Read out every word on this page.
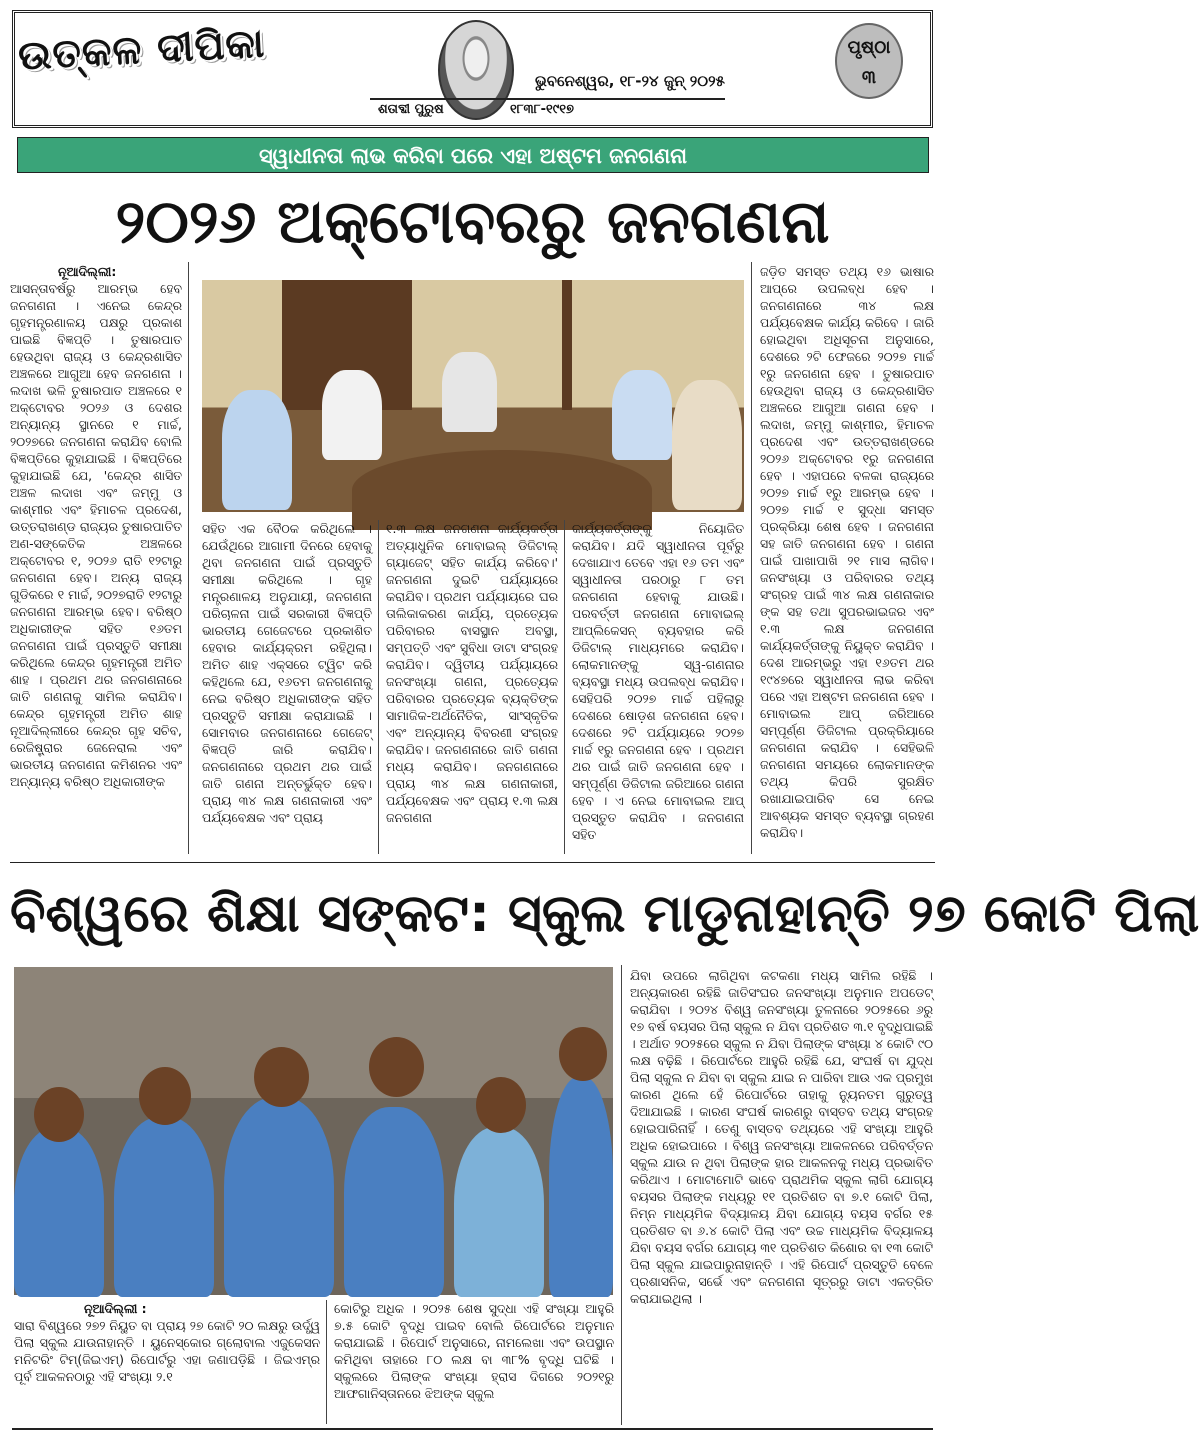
ଉତ୍କଳ ଦୀପିକା
ଭୁବନେଶ୍ୱର, ୧୮-୨୪ ଜୁନ୍ ୨୦୨୫
ଶତାବ୍ଦୀ ପୁରୁଷ	୧୮୩୮-୧୯୧୭
ପୃଷ୍ଠା
୩
ସ୍ୱାଧୀନତା ଲାଭ କରିବା ପରେ ଏହା ଅଷ୍ଟମ ଜନଗଣନା
୨୦୨୬ ଅକ୍ଟୋବରରୁ ଜନଗଣନା
ନୂଆଦିଲ୍ଲୀ:
ଆସନ୍ତାବର୍ଷରୁ ଆରମ୍ଭ ହେବ ଜନଗଣନା । ଏନେଇ କେନ୍ଦ୍ର ଗୃହମନ୍ତ୍ରଣାଳୟ ପକ୍ଷରୁ ପ୍ରକାଶ ପାଇଛି ବିଜ୍ଞପ୍ତି । ତୁଷାରପାତ ହେଉଥିବା ରାଜ୍ୟ ଓ କେନ୍ଦ୍ରଶାସିତ ଅଞ୍ଚଳରେ ଆଗୁଆ ହେବ ଜନଗଣନା । ଲଦାଖ ଭଳି ତୁଷାରପାତ ଅଞ୍ଚଳରେ ୧ ଅକ୍ଟୋବର ୨୦୨୬ ଓ ଦେଶର ଅନ୍ୟାନ୍ୟ ସ୍ଥାନରେ ୧ ମାର୍ଚ୍ଚ, ୨୦୨୭ରେ ଜନଗଣନା କରାଯିବ ବୋଲି ବିଜ୍ଞପ୍ତିରେ କୁହାଯାଇଛି । ବିଜ୍ଞପ୍ତିରେ କୁହାଯାଇଛି ଯେ, 'କେନ୍ଦ୍ର ଶାସିତ ଅଞ୍ଚଳ ଲଦାଖ ଏବଂ ଜମ୍ମୁ ଓ କାଶ୍ମୀର ଏବଂ ହିମାଚଳ ପ୍ରଦେଶ, ଉତ୍ତରାଖଣ୍ଡ ରାଜ୍ୟର ତୁଷାରପାତିତ ଅଣ-ସଙ୍କେତିକ ଅଞ୍ଚଳରେ ଅକ୍ଟୋବର ୧, ୨୦୨୬ ରାତି ୧୨ଟାରୁ ଜନଗଣନା ହେବ। ଅନ୍ୟ ରାଜ୍ୟ ଗୁଡିକରେ ୧ ମାର୍ଚ୍ଚ, ୨୦୨୭ରାତି ୧୨ଟାରୁ ଜନଗଣନା ଆରମ୍ଭ ହେବ। ବରିଷ୍ଠ ଅଧିକାରୀଙ୍କ ସହିତ ୧୬ତମ ଜନଗଣନା ପାଇଁ ପ୍ରସ୍ତୁତି ସମୀକ୍ଷା କରିଥିଲେ କେନ୍ଦ୍ର ଗୃହମନ୍ତ୍ରୀ ଅମିତ ଶାହ । ପ୍ରଥମ ଥର ଜନଗଣନାରେ ଜାତି ଗଣନାକୁ ସାମିଲ କରାଯିବ। କେନ୍ଦ୍ର ଗୃହମନ୍ତ୍ରୀ ଅମିତ ଶାହ ନୂଆଦିଲ୍ଲୀରେ କେନ୍ଦ୍ର ଗୃହ ସଚିବ, ରେଜିଷ୍ଟ୍ରାର ଜେନେରାଲ ଏବଂ ଭାରତୀୟ ଜନଗଣନା କମିଶନର ଏବଂ ଅନ୍ୟାନ୍ୟ ବରିଷ୍ଠ ଅଧିକାରୀଙ୍କ
ସହିତ ଏକ ବୈଠକ କରିଥିଲେ । ଯେଉଁଥିରେ ଆଗାମୀ ଦିନରେ ହେବାକୁ ଥିବା ଜନଗଣନା ପାଇଁ ପ୍ରସ୍ତୁତି ସମୀକ୍ଷା କରିଥିଲେ । ଗୃହ ମନ୍ତ୍ରଣାଳୟ ଅନୁଯାୟୀ, ଜନଗଣନା ପରିଚାଳନା ପାଇଁ ସରକାରୀ ବିଜ୍ଞପ୍ତି ଭାରତୀୟ ଗେଜେଟରେ ପ୍ରକାଶିତ ହେବାର କାର୍ଯ୍ୟକ୍ରମ ରହିଥିଲା। ଅମିତ ଶାହ ଏକ୍ସରେ ଟ୍ୱିଟ କରି କହିଥିଲେ ଯେ, ୧୬ତମ ଜନଗଣନାକୁ ନେଇ ବରିଷ୍ଠ ଅଧିକାରୀଙ୍କ ସହିତ ପ୍ରସ୍ତୁତି ସମୀକ୍ଷା କରାଯାଇଛି । ସୋମବାର ଜନଗଣନାରେ ଗେଜେଟ୍ ବିଜ୍ଞପ୍ତି ଜାରି କରାଯିବ। ଜନଗଣନାରେ ପ୍ରଥମ ଥର ପାଇଁ ଜାତି ଗଣନା ଅନ୍ତର୍ଭୁକ୍ତ ହେବ। ପ୍ରାୟ ୩୪ ଲକ୍ଷ ଗଣନାକାରୀ ଏବଂ ପର୍ଯ୍ୟବେକ୍ଷକ ଏବଂ ପ୍ରାୟ
୧.୩ ଲକ୍ଷ ଜନଗଣନା କାର୍ଯ୍ୟକର୍ତ୍ତା ଅତ୍ୟାଧୁନିକ ମୋବାଇଲ୍ ଡିଜିଟାଲ୍ ଗ୍ୟାଜେଟ୍ ସହିତ କାର୍ଯ୍ୟ କରିବେ।' ଜନଗଣନା ଦୁଇଟି ପର୍ଯ୍ୟାୟରେ କରାଯିବ। ପ୍ରଥମ ପର୍ଯ୍ୟାୟରେ ଘର ତାଲିକାକରଣ କାର୍ଯ୍ୟ, ପ୍ରତ୍ୟେକ ପରିବାରର ବାସସ୍ଥାନ ଅବସ୍ଥା, ସମ୍ପତ୍ତି ଏବଂ ସୁବିଧା ଡାଟା ସଂଗ୍ରହ କରାଯିବ। ଦ୍ୱିତୀୟ ପର୍ଯ୍ୟାୟରେ ଜନସଂଖ୍ୟା ଗଣନା, ପ୍ରତ୍ୟେକ ପରିବାରର ପ୍ରତ୍ୟେକ ବ୍ୟକ୍ତିଙ୍କ ସାମାଜିକ-ଅର୍ଥନୈତିକ, ସାଂସ୍କୃତିକ ଏବଂ ଅନ୍ୟାନ୍ୟ ବିବରଣୀ ସଂଗ୍ରହ କରାଯିବ। ଜନଗଣନାରେ ଜାତି ଗଣନା ମଧ୍ୟ କରାଯିବ। ଜନଗଣନାରେ ପ୍ରାୟ ୩୪ ଲକ୍ଷ ଗଣନାକାରୀ, ପର୍ଯ୍ୟବେକ୍ଷକ ଏବଂ ପ୍ରାୟ ୧.୩ ଲକ୍ଷ ଜନଗଣନା
କାର୍ଯ୍ୟକର୍ତ୍ତାଙ୍କୁ ନିୟୋଜିତ କରାଯିବ। ଯଦି ସ୍ୱାଧୀନତା ପୂର୍ବରୁ ଦେଖାଯାଏ ତେବେ ଏହା ୧୬ ତମ ଏବଂ ସ୍ୱାଧୀନତା ପରଠାରୁ ୮ ତମ ଜନଗଣନା ହେବାକୁ ଯାଉଛି। ପରବର୍ତ୍ତୀ ଜନଗଣନା ମୋବାଇଲ୍ ଆପ୍ଲିକେସନ୍ ବ୍ୟବହାର କରି ଡିଜିଟାଲ୍ ମାଧ୍ୟମରେ କରାଯିବ। ଲୋକମାନଙ୍କୁ ସ୍ୱ-ଗଣନାର ବ୍ୟବସ୍ଥା ମଧ୍ୟ ଉପଲବ୍ଧ କରାଯିବ। ସେହିପରି ୨୦୨୭ ମାର୍ଚ୍ଚ ପହିଲାରୁ ଦେଶରେ ଷୋଡ଼ଶ ଜନଗଣନା ହେବ। ଦେଶରେ ୨ଟି ପର୍ଯ୍ୟାୟରେ ୨୦୨୭ ମାର୍ଚ୍ଚ ୧ରୁ ଜନଗଣନା ହେବ । ପ୍ରଥମ ଥର ପାଇଁ ଜାତି ଜନଗଣନା ହେବ । ସମ୍ପୂର୍ଣ୍ଣ ଡିଜିଟାଲ ଜରିଆରେ ଗଣନା ହେବ । ଏ ନେଇ ମୋବାଇଲ ଆପ୍ ପ୍ରସ୍ତୁତ କରାଯିବ । ଜନଗଣନା ସହିତ
ଜଡ଼ିତ ସମସ୍ତ ତଥ୍ୟ ୧୬ ଭାଷାର ଆପ୍‌ରେ ଉପଲବ୍ଧ ହେବ । ଜନଗଣନାରେ ୩୪ ଲକ୍ଷ ପର୍ଯ୍ୟବେକ୍ଷକ କାର୍ଯ୍ୟ କରିବେ । ଜାରି ହୋଇଥିବା ଅଧିସୂଚନା ଅନୁସାରେ, ଦେଶରେ ୨ଟି ଫେଜରେ ୨୦୨୭ ମାର୍ଚ୍ଚ ୧ରୁ ଜନଗଣନା ହେବ । ତୁଷାରପାତ ହେଉଥିବା ରାଜ୍ୟ ଓ କେନ୍ଦ୍ରଶାସିତ ଅଞ୍ଚଳରେ ଆଗୁଆ ଗଣନା ହେବ । ଲଦାଖ, ଜମ୍ମୁ କାଶ୍ମୀର, ହିମାଚଳ ପ୍ରଦେଶ ଏବଂ ଉତ୍ତରାଖଣ୍ଡରେ ୨୦୨୬ ଅକ୍ଟୋବର ୧ରୁ ଜନଗଣନା ହେବ । ଏହାପରେ ବଳକା ରାଜ୍ୟରେ ୨୦୨୭ ମାର୍ଚ୍ଚ ୧ରୁ ଆରମ୍ଭ ହେବ । ୨୦୨୭ ମାର୍ଚ୍ଚ ୧ ସୁଦ୍ଧା ସମସ୍ତ ପ୍ରକ୍ରିୟା ଶେଷ ହେବ । ଜନଗଣନା ସହ ଜାତି ଜନଗଣନା ହେବ । ଗଣନା ପାଇଁ ପାଖାପାଖି ୨୧ ମାସ ଲାଗିବ। ଜନସଂଖ୍ୟା ଓ ପରିବାରର ତଥ୍ୟ ସଂଗ୍ରହ ପାଇଁ ୩୪ ଲକ୍ଷ ଗଣନାକାର ଙ୍କ ସହ ତଥା ସୁପରଭାଇଜର ଏବଂ ୧.୩ ଲକ୍ଷ ଜନଗଣନା କାର୍ଯ୍ୟକର୍ତ୍ତାଙ୍କୁ ନିୟୁକ୍ତ କରାଯିବ । ଦେଶ ଆରମ୍ଭରୁ ଏହା ୧୬ତମ ଥର ୧୯୪୭ରେ ସ୍ୱାଧୀନତା ଲାଭ କରିବା ପରେ ଏହା ଅଷ୍ଟମ ଜନଗଣନା ହେବ । ମୋବାଇଲ ଆପ୍ ଜରିଆରେ ସମ୍ପୂର୍ଣ୍ଣ ଡିଜିଟାଲ ପ୍ରକ୍ରିୟାରେ ଜନଗଣନା କରାଯିବ । ସେହିଭଳି ଜନଗଣନା ସମୟରେ ଲୋକମାନଙ୍କ ତଥ୍ୟ କିପରି ସୁରକ୍ଷିତ ରଖାଯାଇପାରିବ ସେ ନେଇ ଆବଶ୍ୟକ ସମସ୍ତ ବ୍ୟବସ୍ଥା ଗ୍ରହଣ କରାଯିବ।
ବିଶ୍ୱରେ ଶିକ୍ଷା ସଙ୍କଟ: ସ୍କୁଲ ମାଡୁନାହାନ୍ତି ୨୭ କୋଟି ପିଲା
ନୂଆଦିଲ୍ଲୀ :
ସାରା ବିଶ୍ୱରେ ୨୭୨ ନିୟୁତ ବା ପ୍ରାୟ ୨୭ କୋଟି ୨୦ ଲକ୍ଷରୁ ଉର୍ଦ୍ଧ୍ୱ ପିଲା ସ୍କୁଲ ଯାଉନାହାନ୍ତି । ୟୁନେସ୍କୋର ଗ୍ଲୋବାଲ ଏଜୁକେସନ ମନିଟରିଂ ଟିମ୍(ଜିଇଏମ୍) ରିପୋର୍ଟରୁ ଏହା ଜଣାପଡ଼ିଛି । ଜିଇଏମ୍‌ର ପୂର୍ବ ଆକଳନଠାରୁ ଏହି ସଂଖ୍ୟା ୨.୧
କୋଟିରୁ ଅଧିକ । ୨୦୨୫ ଶେଷ ସୁଦ୍ଧା ଏହି ସଂଖ୍ୟା ଆହୁରି ୭.୫ କୋଟି ବୃଦ୍ଧି ପାଇବ ବୋଲି ରିପୋର୍ଟରେ ଅନୁମାନ କରାଯାଇଛି । ରିପୋର୍ଟ ଅନୁସାରେ, ନାମଲେଖା ଏବଂ ଉପସ୍ଥାନ କମିଥିବା ତାହାରେ ୮୦ ଲକ୍ଷ ବା ୩୮% ବୃଦ୍ଧି ଘଟିଛି । ସ୍କୁଲରେ ପିଲାଙ୍କ ସଂଖ୍ୟା ହ୍ରାସ ଦିଗରେ ୨୦୨୧ରୁ ଆଫଗାନିସ୍ତାନରେ ଝିଅଙ୍କ ସ୍କୁଲ
ଯିବା ଉପରେ ଲାଗିଥିବା କଟକଣା ମଧ୍ୟ ସାମିଲ ରହିଛି । ଅନ୍ୟକାରଣ ରହିଛି ଜାତିସଂଘର ଜନସଂଖ୍ୟା ଅନୁମାନ ଅପଡେଟ୍ କରାଯିବା । ୨୦୨୪ ବିଶ୍ୱ ଜନସଂଖ୍ୟା ତୁଳନାରେ ୨୦୨୫ରେ ୬ରୁ ୧୭ ବର୍ଷ ବୟସର ପିଲା ସ୍କୁଲ ନ ଯିବା ପ୍ରତିଶତ ୩.୧ ବୃଦ୍ଧିପାଇଛି । ଅର୍ଥାତ ୨୦୨୫ରେ ସ୍କୁଲ ନ ଯିବା ପିଲାଙ୍କ ସଂଖ୍ୟା ୪ କୋଟି ୯୦ ଲକ୍ଷ ବଢ଼ିଛି । ରିପୋର୍ଟରେ ଆହୁରି ରହିଛି ଯେ, ସଂଘର୍ଷ ବା ଯୁଦ୍ଧ ପିଲା ସ୍କୁଲ ନ ଯିବା ବା ସ୍କୁଲ ଯାଇ ନ ପାରିବା ଆଉ ଏକ ପ୍ରମୁଖ କାରଣ ଥିଲେ ହେଁ ରିପୋର୍ଟରେ ତାହାକୁ ନ୍ୟୁନତମ ଗୁରୁତ୍ୱ ଦିଆଯାଇଛି । କାରଣ ସଂଘର୍ଷ କାରଣରୁ ବାସ୍ତବ ତଥ୍ୟ ସଂଗ୍ରହ ହୋଇପାରିନାହିଁ । ତେଣୁ ବାସ୍ତବ ତଥ୍ୟରେ ଏହି ସଂଖ୍ୟା ଆହୁରି ଅଧିକ ହୋଇପାରେ । ବିଶ୍ୱ ଜନସଂଖ୍ୟା ଆକଳନରେ ପରିବର୍ତ୍ତନ ସ୍କୁଲ ଯାଉ ନ ଥିବା ପିଲାଙ୍କ ହାର ଆକଳନକୁ ମଧ୍ୟ ପ୍ରଭାବିତ କରିଥାଏ । ମୋଟାମୋଟି ଭାବେ ପ୍ରାଥମିକ ସ୍କୁଲ ଲାଗି ଯୋଗ୍ୟ ବୟସର ପିଲାଙ୍କ ମଧ୍ୟରୁ ୧୧ ପ୍ରତିଶତ ବା ୭.୧ କୋଟି ପିଲା, ନିମ୍ନ ମାଧ୍ୟମିକ ବିଦ୍ୟାଳୟ ଯିବା ଯୋଗ୍ୟ ବୟସ ବର୍ଗର ୧୫ ପ୍ରତିଶତ ବା ୬.୪ କୋଟି ପିଲା ଏବଂ ଉଚ୍ଚ ମାଧ୍ୟମିକ ବିଦ୍ୟାଳୟ ଯିବା ବୟସ ବର୍ଗର ଯୋଗ୍ୟ ୩୧ ପ୍ରତିଶତ କିଶୋର ବା ୧୩ କୋଟି ପିଲା ସ୍କୁଲ ଯାଇପାରୁନାହାନ୍ତି । ଏହି ରିପୋର୍ଟ ପ୍ରସ୍ତୁତି ବେଳେ ପ୍ରଶାସନିକ, ସର୍ଭେ ଏବଂ ଜନଗଣନା ସୂତ୍ରରୁ ଡାଟା ଏକତ୍ରିତ କରାଯାଇଥିଲା ।
